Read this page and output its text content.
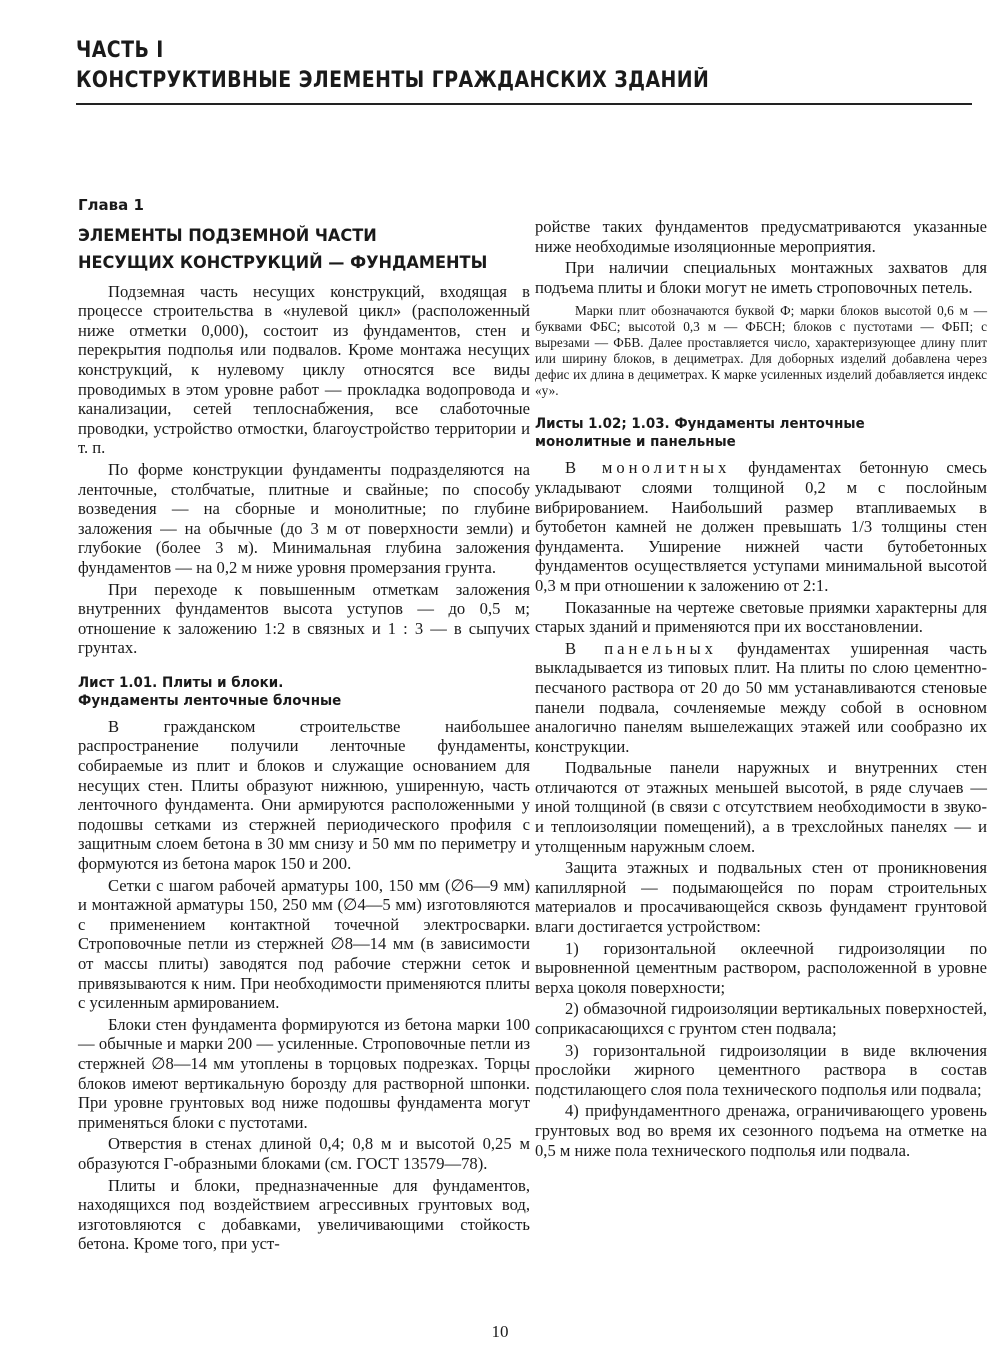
ЧАСТЬ I
КОНСТРУКТИВНЫЕ ЭЛЕМЕНТЫ ГРАЖДАНСКИХ ЗДАНИЙ
Глава 1
ЭЛЕМЕНТЫ ПОДЗЕМНОЙ ЧАСТИ
НЕСУЩИХ КОНСТРУКЦИЙ — ФУНДАМЕНТЫ

Подземная часть несущих конструкций, входящая в процессе строительства в «нулевой цикл» (расположенный ниже отметки 0,000), состоит из фундаментов, стен и перекрытия подполья или подвалов. Кроме монтажа несущих конструкций, к нулевому циклу относятся все виды проводимых в этом уровне работ — прокладка водопровода и канализации, сетей теплоснабжения, все слаботочные проводки, устройство отмостки, благоустройство территории и т. п.

По форме конструкции фундаменты подразделяются на ленточные, столбчатые, плитные и свайные; по способу возведения — на сборные и монолитные; по глубине заложения — на обычные (до 3 м от поверхности земли) и глубокие (более 3 м). Минимальная глубина заложения фундаментов — на 0,2 м ниже уровня промерзания грунта.

При переходе к повышенным отметкам заложения внутренних фундаментов высота уступов — до 0,5 м; отношение к заложению 1:2 в связных и 1 : 3 — в сыпучих грунтах.

Лист 1.01. Плиты и блоки.
Фундаменты ленточные блочные

В гражданском строительстве наибольшее распространение получили ленточные фундаменты, собираемые из плит и блоков и служащие основанием для несущих стен. Плиты образуют нижнюю, уширенную, часть ленточного фундамента. Они армируются расположенными у подошвы сетками из стержней периодического профиля с защитным слоем бетона в 30 мм снизу и 50 мм по периметру и формуются из бетона марок 150 и 200.

Сетки с шагом рабочей арматуры 100, 150 мм (∅6—9 мм) и монтажной арматуры 150, 250 мм (∅4—5 мм) изготовляются с применением контактной точечной электросварки. Строповочные петли из стержней ∅8—14 мм (в зависимости от массы плиты) заводятся под рабочие стержни сеток и привязываются к ним. При необходимости применяются плиты с усиленным армированием.

Блоки стен фундамента формируются из бетона марки 100 — обычные и марки 200 — усиленные. Строповочные петли из стержней ∅8—14 мм утоплены в торцовых подрезках. Торцы блоков имеют вертикальную борозду для растворной шпонки. При уровне грунтовых вод ниже подошвы фундамента могут применяться блоки с пустотами.

Отверстия в стенах длиной 0,4; 0,8 м и высотой 0,25 м образуются Г-образными блоками (см. ГОСТ 13579—78).

Плиты и блоки, предназначенные для фундаментов, находящихся под воздействием агрессивных грунтовых вод, изготовляются с добавками, увеличивающими стойкость бетона. Кроме того, при уст-

ройстве таких фундаментов предусматриваются указанные ниже необходимые изоляционные мероприятия.

При наличии специальных монтажных захватов для подъема плиты и блоки могут не иметь строповочных петель.

Марки плит обозначаются буквой Ф; марки блоков высотой 0,6 м — буквами ФБС; высотой 0,3 м — ФБСН; блоков с пустотами — ФБП; с вырезами — ФБВ. Далее проставляется число, характеризующее длину плит или ширину блоков, в дециметрах. Для доборных изделий добавлена через дефис их длина в дециметрах. К марке усиленных изделий добавляется индекс «у».

Листы 1.02; 1.03. Фундаменты ленточные
монолитные и панельные

В монолитных фундаментах бетонную смесь укладывают слоями толщиной 0,2 м с послойным вибрированием. Наибольший размер втапливаемых в бутобетон камней не должен превышать 1/3 толщины стен фундамента. Уширение нижней части бутобетонных фундаментов осуществляется уступами минимальной высотой 0,3 м при отношении к заложению от 2:1.

Показанные на чертеже световые приямки характерны для старых зданий и применяются при их восстановлении.

В панельных фундаментах уширенная часть выкладывается из типовых плит. На плиты по слою цементно-песчаного раствора от 20 до 50 мм устанавливаются стеновые панели подвала, сочленяемые между собой в основном аналогично панелям вышележащих этажей или сообразно их конструкции.

Подвальные панели наружных и внутренних стен отличаются от этажных меньшей высотой, в ряде случаев — иной толщиной (в связи с отсутствием необходимости в звуко- и теплоизоляции помещений), а в трехслойных панелях — и утолщенным наружным слоем.

Защита этажных и подвальных стен от проникновения капиллярной — подымающейся по порам строительных материалов и просачивающейся сквозь фундамент грунтовой влаги достигается устройством:

1) горизонтальной оклеечной гидроизоляции по выровненной цементным раствором, расположенной в уровне верха цоколя поверхности;

2) обмазочной гидроизоляции вертикальных поверхностей, соприкасающихся с грунтом стен подвала;

3) горизонтальной гидроизоляции в виде включения прослойки жирного цементного раствора в состав подстилающего слоя пола технического подполья или подвала;

4) прифундаментного дренажа, ограничивающего уровень грунтовых вод во время их сезонного подъема на отметке на 0,5 м ниже пола технического подполья или подвала.

10
